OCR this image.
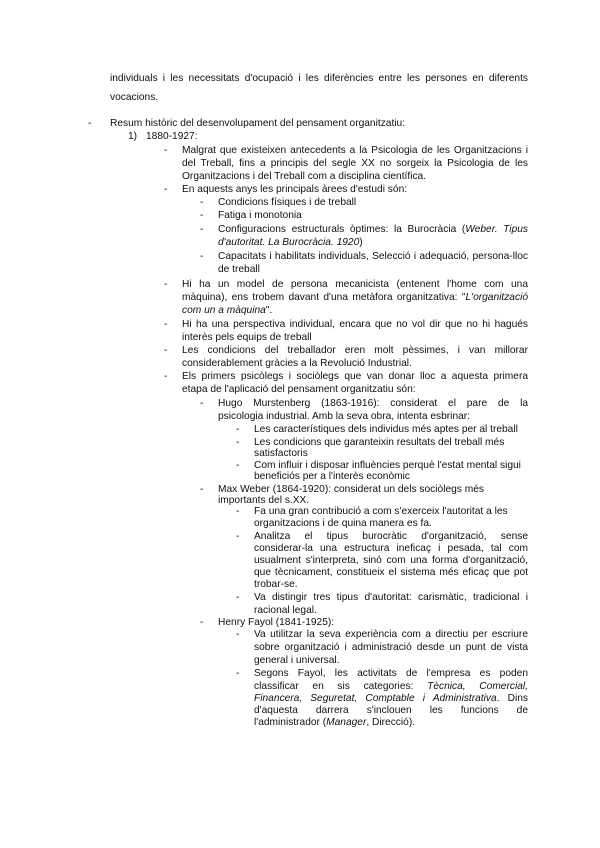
individuals i les necessitats d'ocupació i les diferències entre les persones en diferents
vocacions.
- Resum històric del desenvolupament del pensament organitzatiu:
1) 1880-1927:
- Malgrat que existeixen antecedents a la Psicologia de les Organitzacions i
del Treball, fins a principis del segle XX no sorgeix la Psicologia de les
Organitzacions i del Treball com a disciplina científica.
- En aquests anys les principals àrees d'estudi són:
- Condicions físiques i de treball
- Fatiga i monotonia
- Configuracions estructurals òptimes: la Burocràcia (Weber. Tipus
d'autoritat. La Burocràcia. 1920)
- Capacitats i habilitats individuals, Selecció i adequació, persona-lloc
de treball
- Hi ha un model de persona mecanicista (entenent l'home com una
màquina), ens trobem davant d'una metàfora organitzativa: "L'organització
com un a màquina".
- Hi ha una perspectiva individual, encara que no vol dir que no hi hagués
interès pels equips de treball
- Les condicions del treballador eren molt pèssimes, i van millorar
considerablement gràcies a la Revolució Industrial.
- Els primers psicòlegs i sociòlegs que van donar lloc a aquesta primera
etapa de l'aplicació del pensament organitzatiu són:
- Hugo Murstenberg (1863-1916): considerat el pare de la
psicologia industrial. Amb la seva obra, intenta esbrinar:
- Les característiques dels individus més aptes per al treball
- Les condicions que garanteixin resultats del treball més
satisfactoris
- Com influir i disposar influències perquè l'estat mental sigui
beneficiós per a l'interès econòmic
- Max Weber (1864-1920): considerat un dels sociòlegs més
importants del s.XX.
- Fa una gran contribució a com s'exerceix l'autoritat a les
organitzacions i de quina manera es fa.
- Analitza el tipus burocràtic d'organització, sense
considerar-la una estructura ineficaç i pesada, tal com
usualment s'interpreta, sinó com una forma d'organització,
que tècnicament, constitueix el sistema més eficaç que pot
trobar-se.
- Va distingir tres tipus d'autoritat: carismàtic, tradicional i
racional legal.
- Henry Fayol (1841-1925):
- Va utilitzar la seva experiència com a directiu per escriure
sobre organització i administració desde un punt de vista
general i universal.
- Segons Fayol, les activitats de l'empresa es poden
classificar en sis categories: Tècnica, Comercial,
Financera, Seguretat, Comptable i Administrativa. Dins
d'aquesta darrera s'inclouen les funcions de
l'administrador (Manager, Direcció).
